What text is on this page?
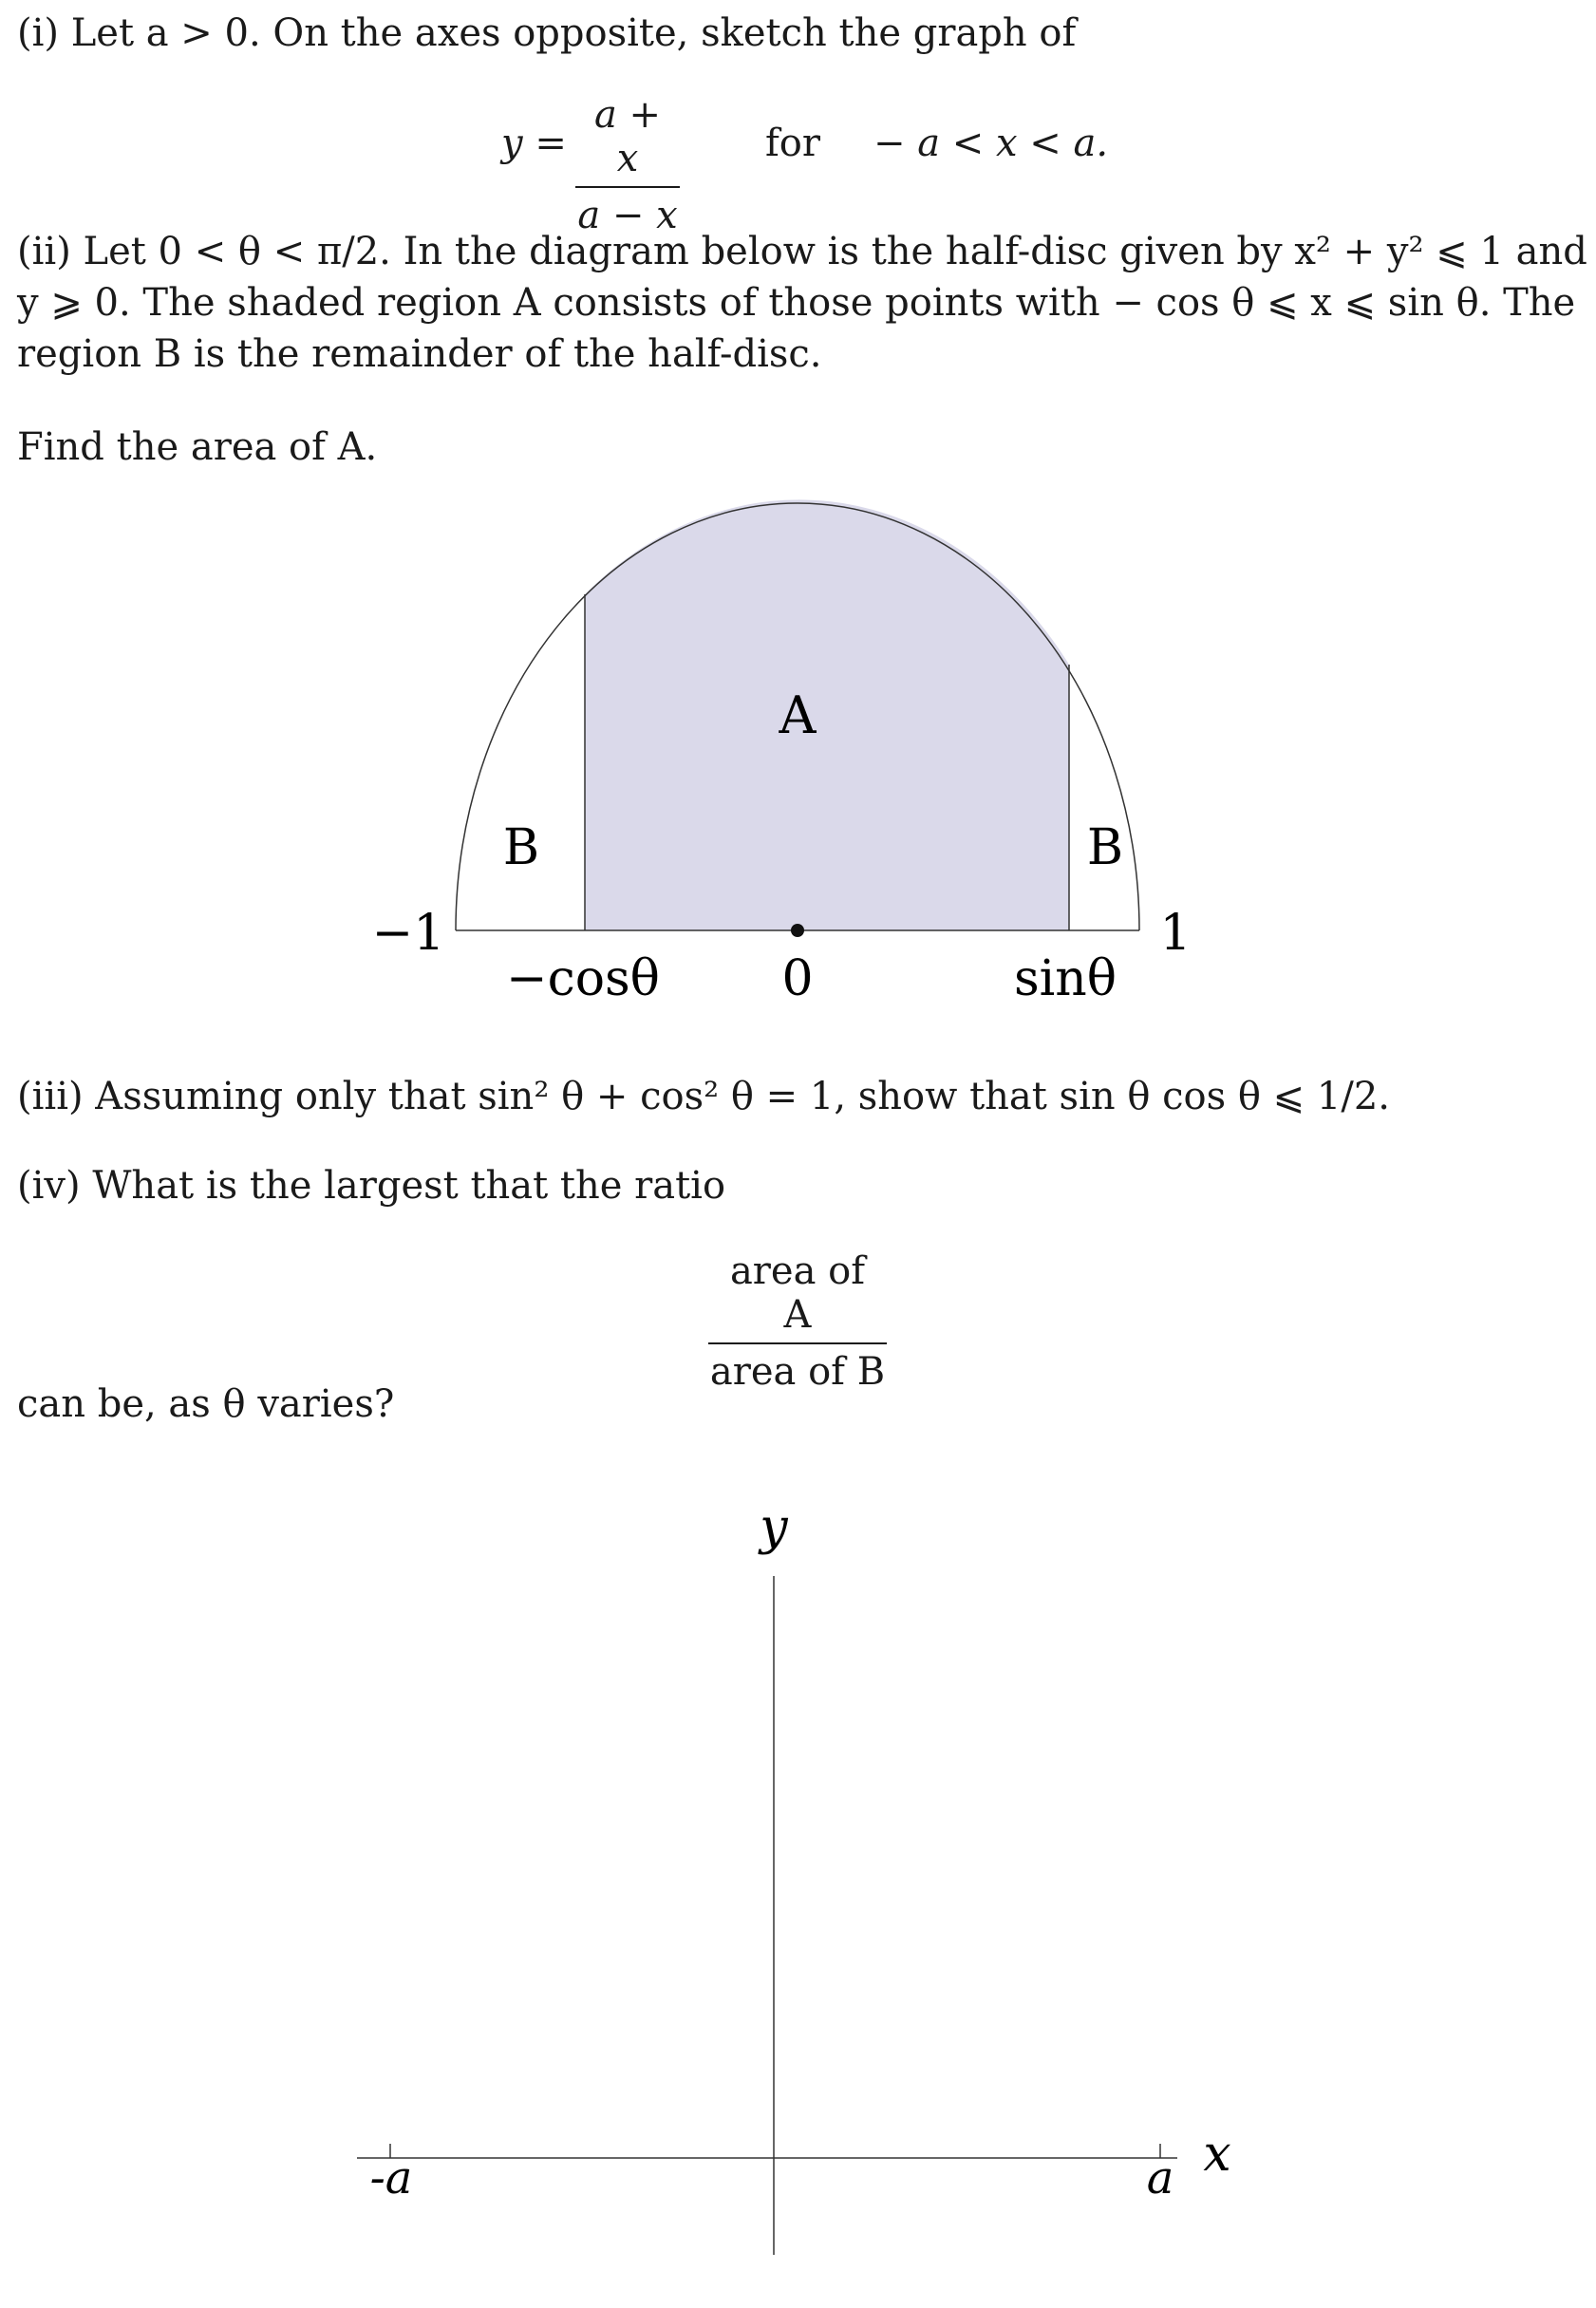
(i) Let a > 0. On the axes opposite, sketch the graph of
$y = \frac{a + x}{a - x}$ for − a < x < a.
(ii) Let 0 < θ < π/2. In the diagram below is the half-disc given by x² + y² ⩽ 1 and
y ⩾ 0. The shaded region A consists of those points with − cos θ ⩽ x ⩽ sin θ. The
region B is the remainder of the half-disc.
Find the area of A.
A
B	B
−1	1
−cosθ 0	sinθ
(iii) Assuming only that sin² θ + cos² θ = 1, show that sin θ cos θ ⩽ 1/2.
(iv) What is the largest that the ratio
area of A
area of B
can be, as θ varies?
y
x
-a	a
